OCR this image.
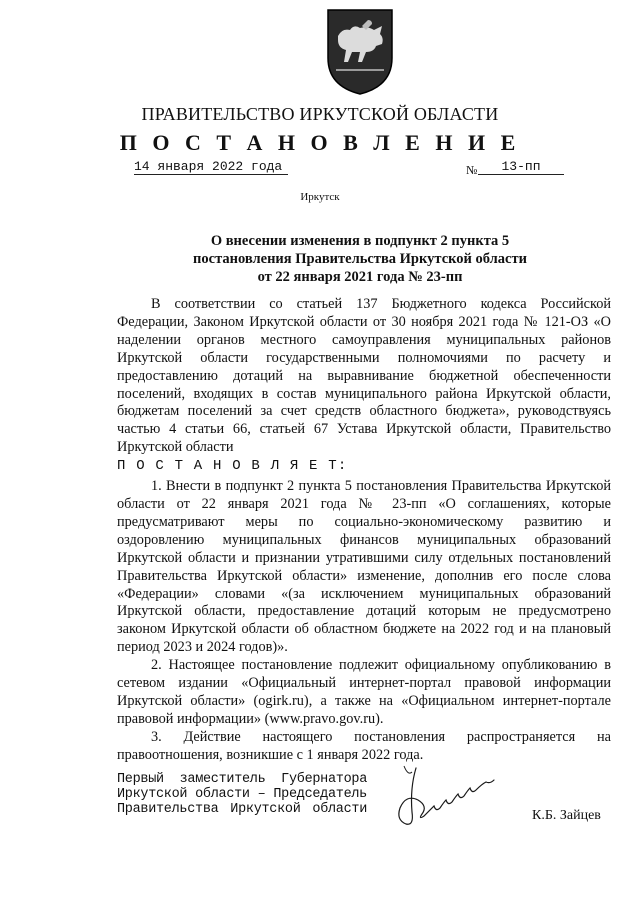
ПРАВИТЕЛЬСТВО ИРКУТСКОЙ ОБЛАСТИ
П О С Т А Н О В Л Е Н И Е
14 января 2022 года	№	13-пп
Иркутск
О внесении изменения в подпункт 2 пункта 5
постановления Правительства Иркутской области
от 22 января 2021 года № 23-пп

В соответствии со статьей 137 Бюджетного кодекса Российской Федерации, Законом Иркутской области от 30 ноября 2021 года № 121-ОЗ «О наделении органов местного самоуправления муниципальных районов Иркутской области государственными полномочиями по расчету и предоставлению дотаций на выравнивание бюджетной обеспеченности поселений, входящих в состав муниципального района Иркутской области, бюджетам поселений за счет средств областного бюджета», руководствуясь частью 4 статьи 66, статьей 67 Устава Иркутской области, Правительство Иркутской области

П О С Т А Н О В Л Я Е Т:

1. Внести в подпункт 2 пункта 5 постановления Правительства Иркутской области от 22 января 2021 года № 23-пп «О соглашениях, которые предусматривают меры по социально-экономическому развитию и оздоровлению муниципальных финансов муниципальных образований Иркутской области и признании утратившими силу отдельных постановлений Правительства Иркутской области» изменение, дополнив его после слова «Федерации» словами «(за исключением муниципальных образований Иркутской области, предоставление дотаций которым не предусмотрено законом Иркутской области об областном бюджете на 2022 год и на плановый период 2023 и 2024 годов)».

2. Настоящее постановление подлежит официальному опубликованию в сетевом издании «Официальный интернет-портал правовой информации Иркутской области» (ogirk.ru), а также на «Официальном интернет-портале правовой информации» (www.pravo.gov.ru).

3. Действие настоящего постановления распространяется на правоотношения, возникшие с 1 января 2022 года.

Первый заместитель Губернатора
Иркутской области – Председатель
Правительства Иркутской области	К.Б. Зайцев
